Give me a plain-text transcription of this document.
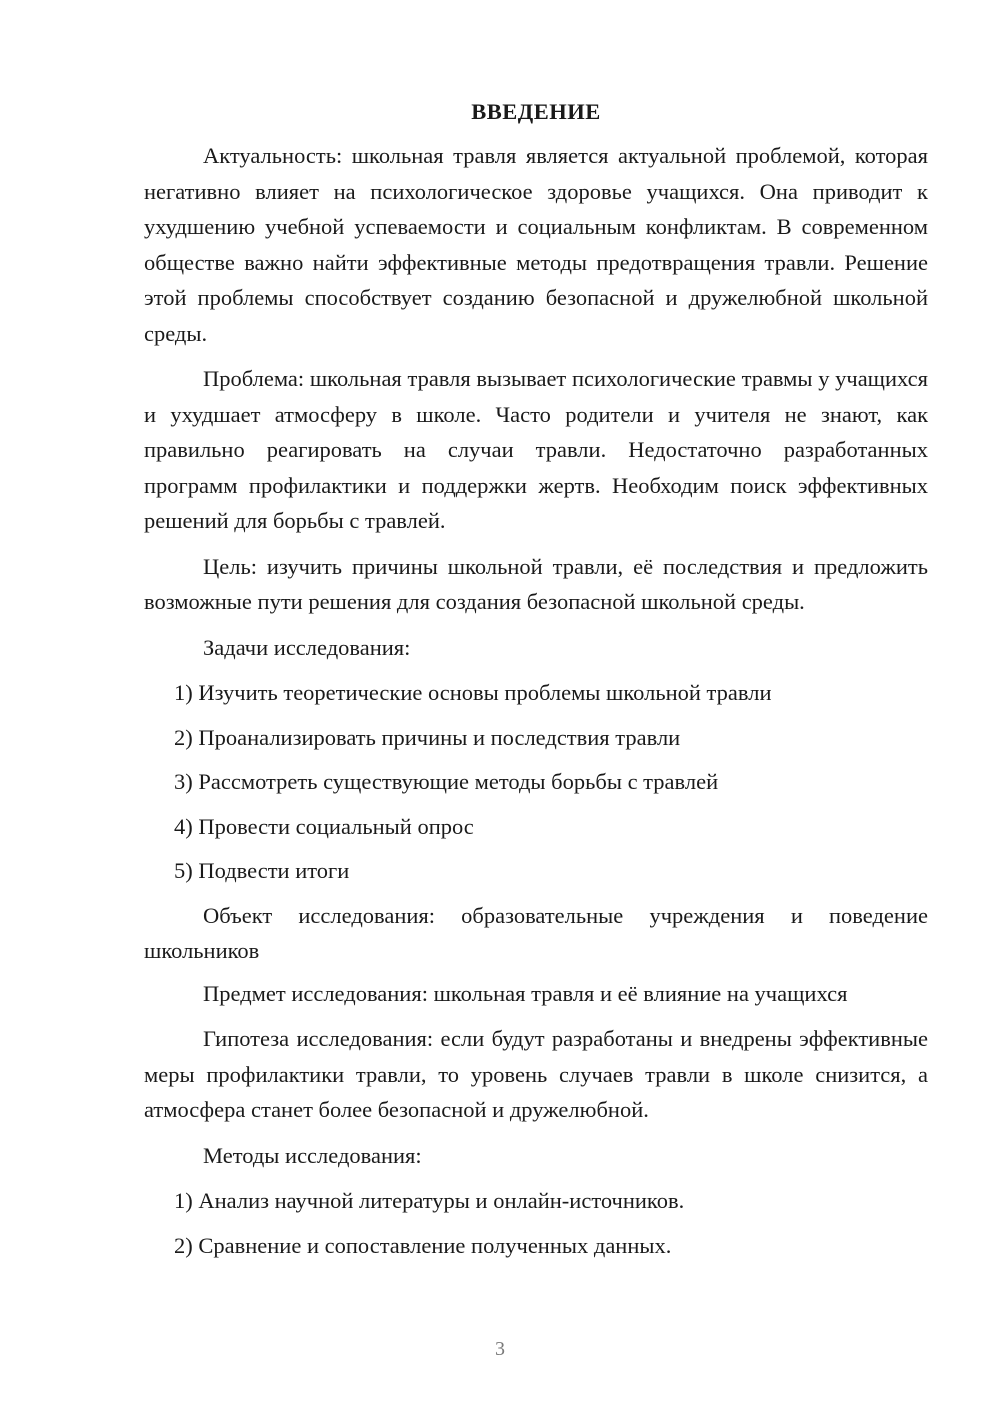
ВВЕДЕНИЕ

Актуальность: школьная травля является актуальной проблемой, которая негативно влияет на психологическое здоровье учащихся. Она приводит к ухудшению учебной успеваемости и социальным конфликтам. В современном обществе важно найти эффективные методы предотвращения травли. Решение этой проблемы способствует созданию безопасной и дружелюбной школьной среды.

Проблема: школьная травля вызывает психологические травмы у учащихся и ухудшает атмосферу в школе. Часто родители и учителя не знают, как правильно реагировать на случаи травли. Недостаточно разработанных программ профилактики и поддержки жертв. Необходим поиск эффективных решений для борьбы с травлей.

Цель: изучить причины школьной травли, её последствия и предложить возможные пути решения для создания безопасной школьной среды.

Задачи исследования:

1) Изучить теоретические основы проблемы школьной травли

2) Проанализировать причины и последствия травли

3) Рассмотреть существующие методы борьбы с травлей

4) Провести социальный опрос

5) Подвести итоги

Объект исследования: образовательные учреждения и поведение школьников

Предмет исследования: школьная травля и её влияние на учащихся

Гипотеза исследования: если будут разработаны и внедрены эффективные меры профилактики травли, то уровень случаев травли в школе снизится, а атмосфера станет более безопасной и дружелюбной.

Методы исследования:

1) Анализ научной литературы и онлайн-источников.

2) Сравнение и сопоставление полученных данных.

3
